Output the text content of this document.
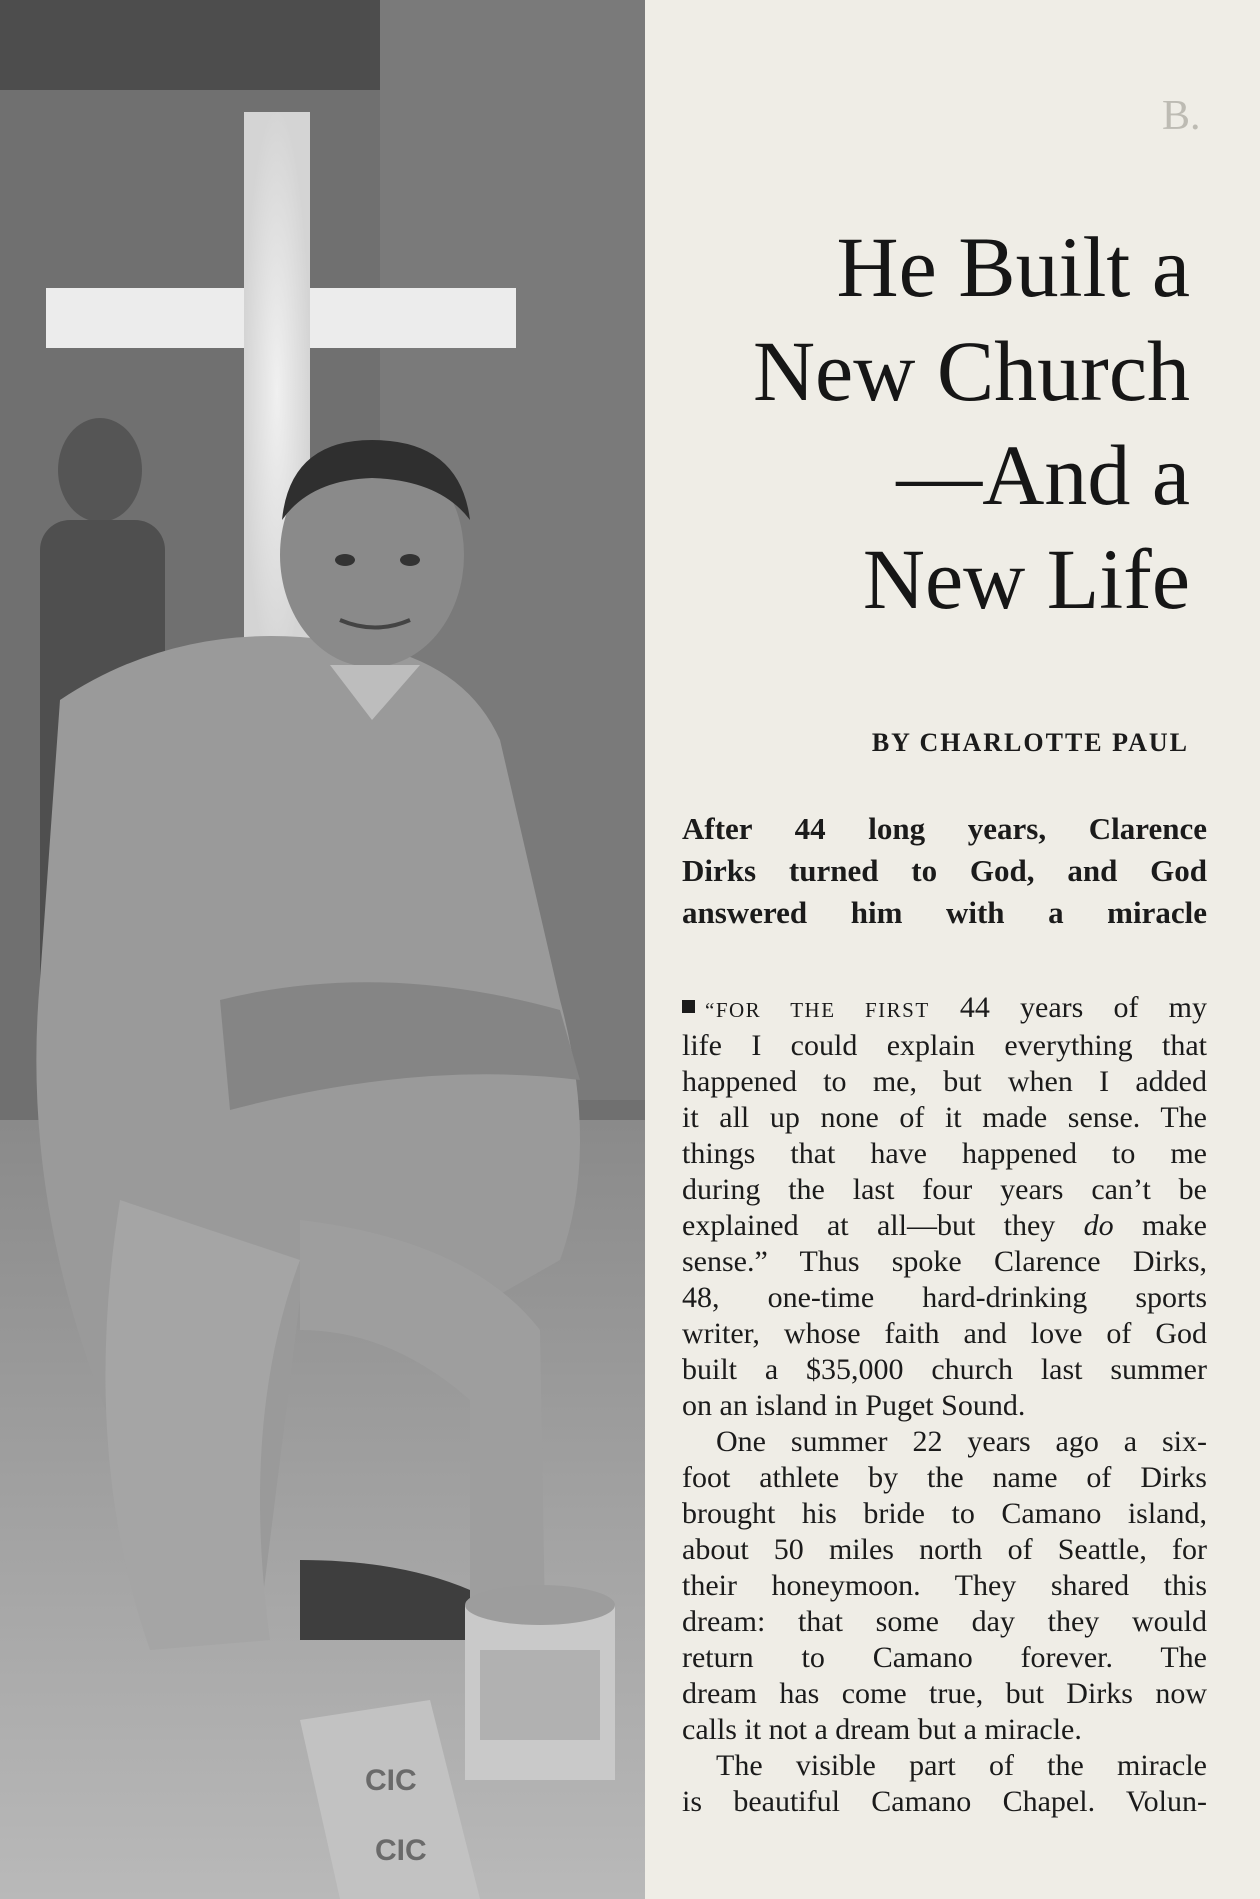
CIC
CIC
B.
He Built a
New Church
—And a
New Life
BY CHARLOTTE PAUL
After 44 long years, Clarence
Dirks turned to God, and God
answered him with a miracle
“FOR THE FIRST 44 years of my
life I could explain everything that
happened to me, but when I added
it all up none of it made sense. The
things that have happened to me
during the last four years can’t be
explained at all—but they do make
sense.” Thus spoke Clarence Dirks,
48, one-time hard-drinking sports
writer, whose faith and love of God
built a $35,000 church last summer
on an island in Puget Sound.
One summer 22 years ago a six-
foot athlete by the name of Dirks
brought his bride to Camano island,
about 50 miles north of Seattle, for
their honeymoon. They shared this
dream: that some day they would
return to Camano forever. The
dream has come true, but Dirks now
calls it not a dream but a miracle.
The visible part of the miracle
is beautiful Camano Chapel. Volun-
